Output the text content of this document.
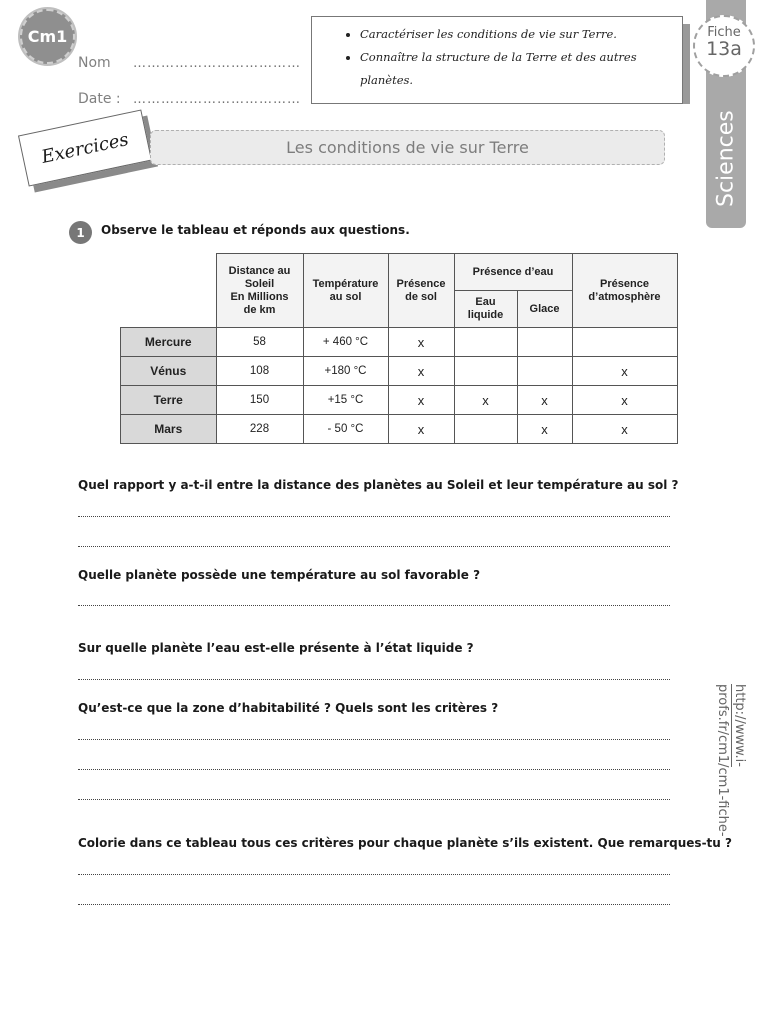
Cm1
Nom ………………………………
Date : ………………………………
• Caractériser les conditions de vie sur Terre.
• Connaître la structure de la Terre et des autres planètes.
Fiche
13a
Sciences
Exercices	Les conditions de vie sur Terre
1	Observe le tableau et réponds aux questions.
	Distance au
Soleil
En Millions
de km	Température
au sol	Présence
de sol	Présence d’eau		Présence
d’atmosphère
				Eau
liquide	Glace	
Mercure	58	+ 460 °C	x			
Vénus	108	+180 °C	x			x
Terre	150	+15 °C	x	x	x	x
Mars	228	- 50 °C	x		x	x
Quel rapport y a-t-il entre la distance des planètes au Soleil et leur température au sol ?
Quelle planète possède une température au sol favorable ?
Sur quelle planète l’eau est-elle présente à l’état liquide ?
Qu’est-ce que la zone d’habitabilité ? Quels sont les critères ?
Colorie dans ce tableau tous ces critères pour chaque planète s’ils existent. Que remarques-tu ?
http://www.i-
profs.fr/cm1/cm1-fiche-
